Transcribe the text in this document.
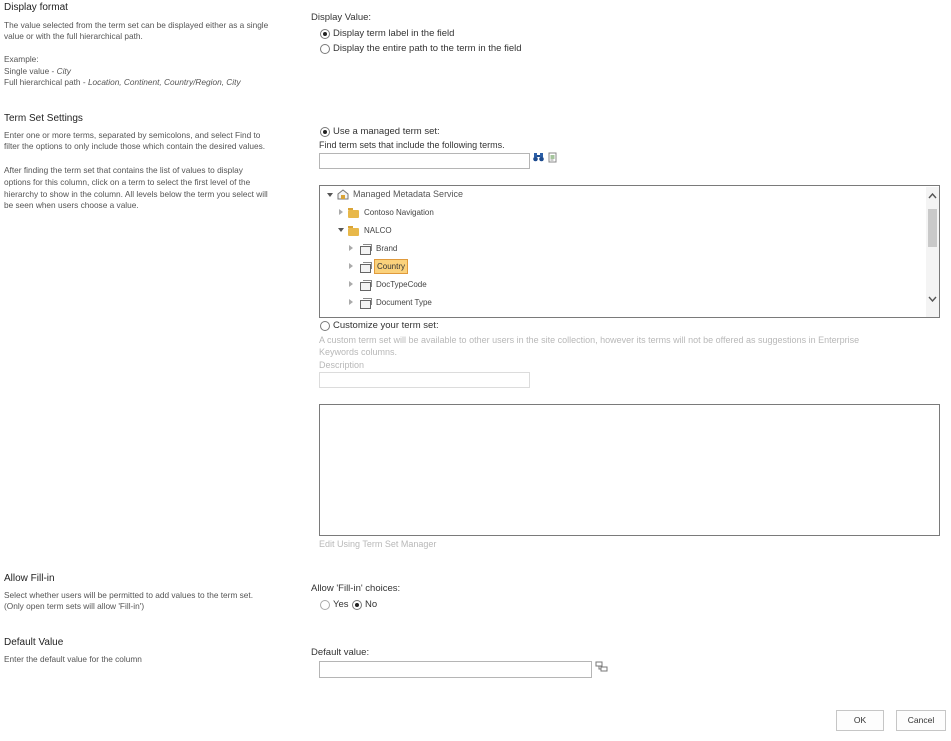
Display format
The value selected from the term set can be displayed either as a single
value or with the full hierarchical path.
Example:
Single value - City
Full hierarchical path - Location, Continent, Country/Region, City
Display Value:
Display term label in the field
Display the entire path to the term in the field
Term Set Settings
Enter one or more terms, separated by semicolons, and select Find to
filter the options to only include those which contain the desired values.
After finding the term set that contains the list of values to display
options for this column, click on a term to select the first level of the
hierarchy to show in the column. All levels below the term you select will
be seen when users choose a value.
Use a managed term set:
Find term sets that include the following terms.
Managed Metadata Service
Contoso Navigation
NALCO
Brand
Country
DocTypeCode
Document Type
Customize your term set:
A custom term set will be available to other users in the site collection, however its terms will not be offered as suggestions in Enterprise
Keywords columns.
Description
Edit Using Term Set Manager
Allow Fill-in
Select whether users will be permitted to add values to the term set.
(Only open term sets will allow 'Fill-in')
Allow 'Fill-in' choices:
Yes No
Default Value
Enter the default value for the column
Default value:
OK	Cancel
